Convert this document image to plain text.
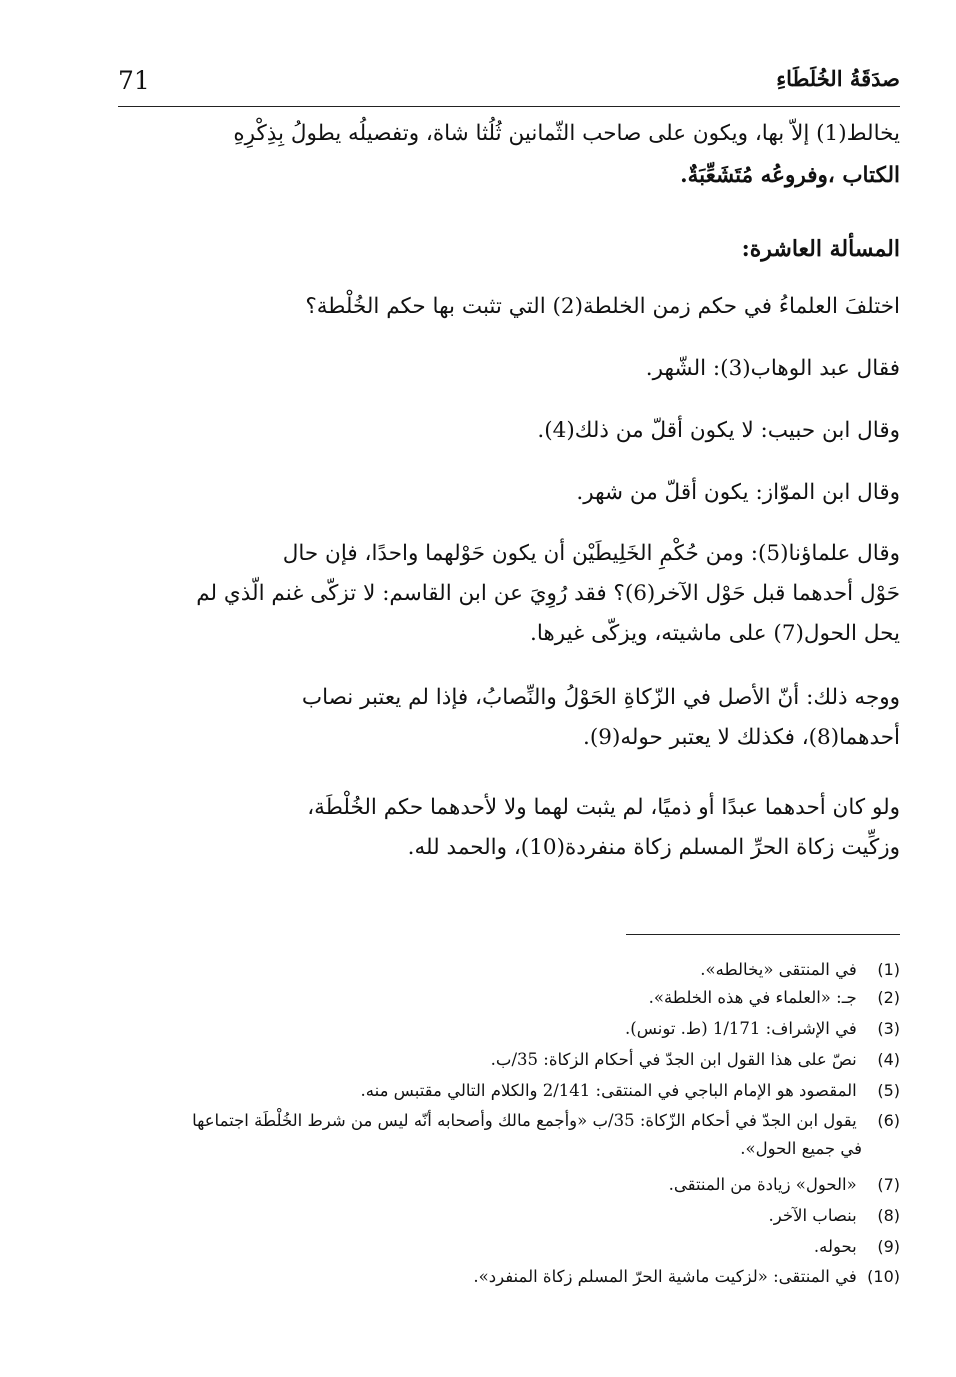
71	صدَقَةُ الخُلَطَاءِ

يخالط(1) إلاّ بها، ويكون على صاحب الثّمانين ثُلُثا شاة، وتفصيلُه يطولُ بِذِكْرِهِ

الكتاب ،وفروعُه مُتَشَعِّبَةٌ.

المسألة العاشرة:

اختلفَ العلماءُ في حكم زمن الخلطة(2) التي تثبت بها حكم الخُلْطة؟

فقال عبد الوهاب(3): الشّهر.

وقال ابن حبيب: لا يكون أقلّ من ذلك(4).

وقال ابن الموّاز: يكون أقلّ من شهر.

وقال علماؤنا(5): ومن حُكْمِ الخَلِيطَيْن أن يكون حَوْلهما واحدًا، فإن حال

حَوْل أحدهما قبل حَوْل الآخر(6)؟ فقد رُوِيَ عن ابن القاسم: لا تزكّى غنم الّذي لم

يحل الحول(7) على ماشيته، ويزكّى غيرها.

ووجه ذلك: أنّ الأصل في الزّكاةِ الحَوْلُ والنِّصابُ، فإذا لم يعتبر نصاب

أحدهما(8)، فكذلك لا يعتبر حوله(9).

ولو كان أحدهما عبدًا أو ذميًا، لم يثبت لهما ولا لأحدهما حكم الخُلْطَة،

وزكِّيت زكاة الحرِّ المسلم زكاة منفردة(10)، والحمد لله.

(1) في المنتقى «يخالطه».
(2) جـ: «العلماء في هذه الخلطة».
(3) في الإشراف: 1/171 (ط. تونس).
(4) نصّ على هذا القول ابن الجدّ في أحكام الزكاة: 35/ب.
(5) المقصود هو الإمام الباجي في المنتقى: 2/141 والكلام التالي مقتبس منه.
(6) يقول ابن الجدّ في أحكام الزّكاة: 35/ب «وأجمع مالك وأصحابه أنّه ليس من شرط الخُلْطَة اجتماعها
في جميع الحول».
(7) «الحول» زيادة من المنتقى.
(8) بنصاب الآخر.
(9) بحوله.
(10) في المنتقى: «لزكيت ماشية الحرّ المسلم زكاة المنفرد».
